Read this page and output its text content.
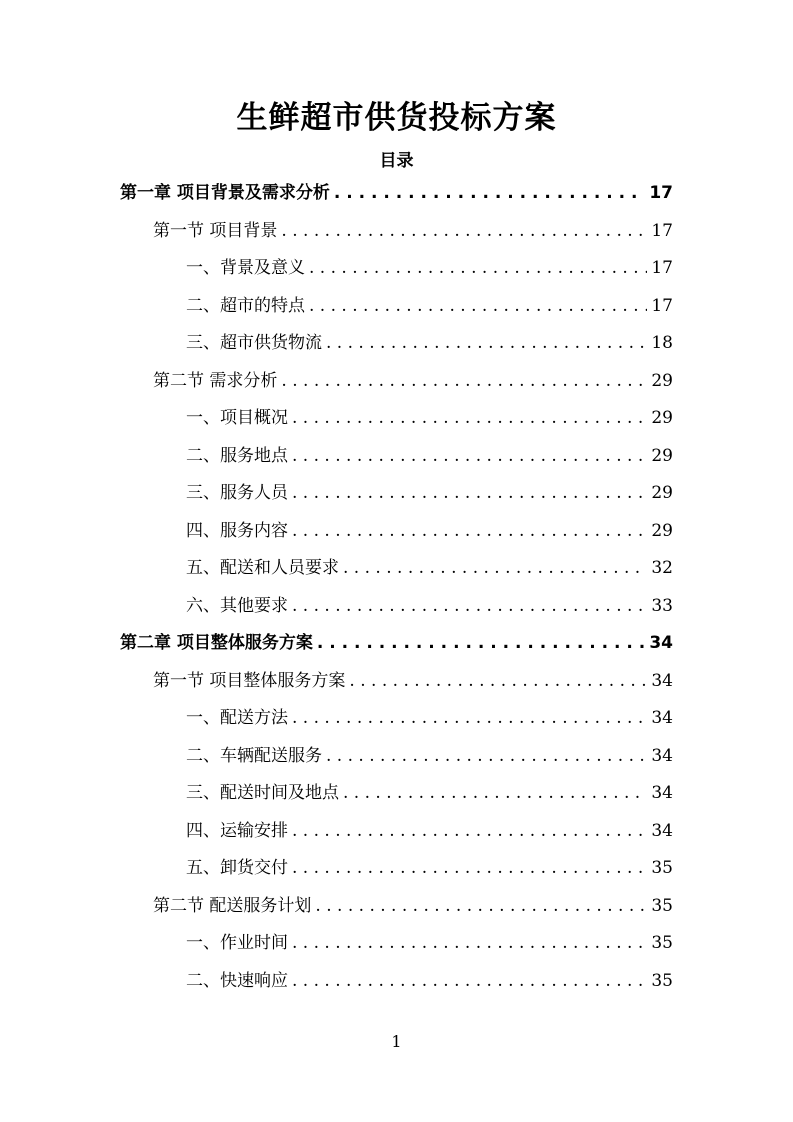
生鲜超市供货投标方案
目录
第一章 项目背景及需求分析 . . .	17
第一节 项目背景 . . .	17
一、背景及意义 . . .	17
二、超市的特点 . . .	17
三、超市供货物流 . . .	18
第二节 需求分析 . . .	29
一、项目概况 . . .	29
二、服务地点 . . .	29
三、服务人员 . . .	29
四、服务内容 . . .	29
五、配送和人员要求 . . .	32
六、其他要求 . . .	33
第二章 项目整体服务方案 . . .	34
第一节 项目整体服务方案 . . .	34
一、配送方法 . . .	34
二、车辆配送服务 . . .	34
三、配送时间及地点 . . .	34
四、运输安排 . . .	34
五、卸货交付 . . .	35
第二节 配送服务计划 . . .	35
一、作业时间 . . .	35
二、快速响应 . . .	35
1
